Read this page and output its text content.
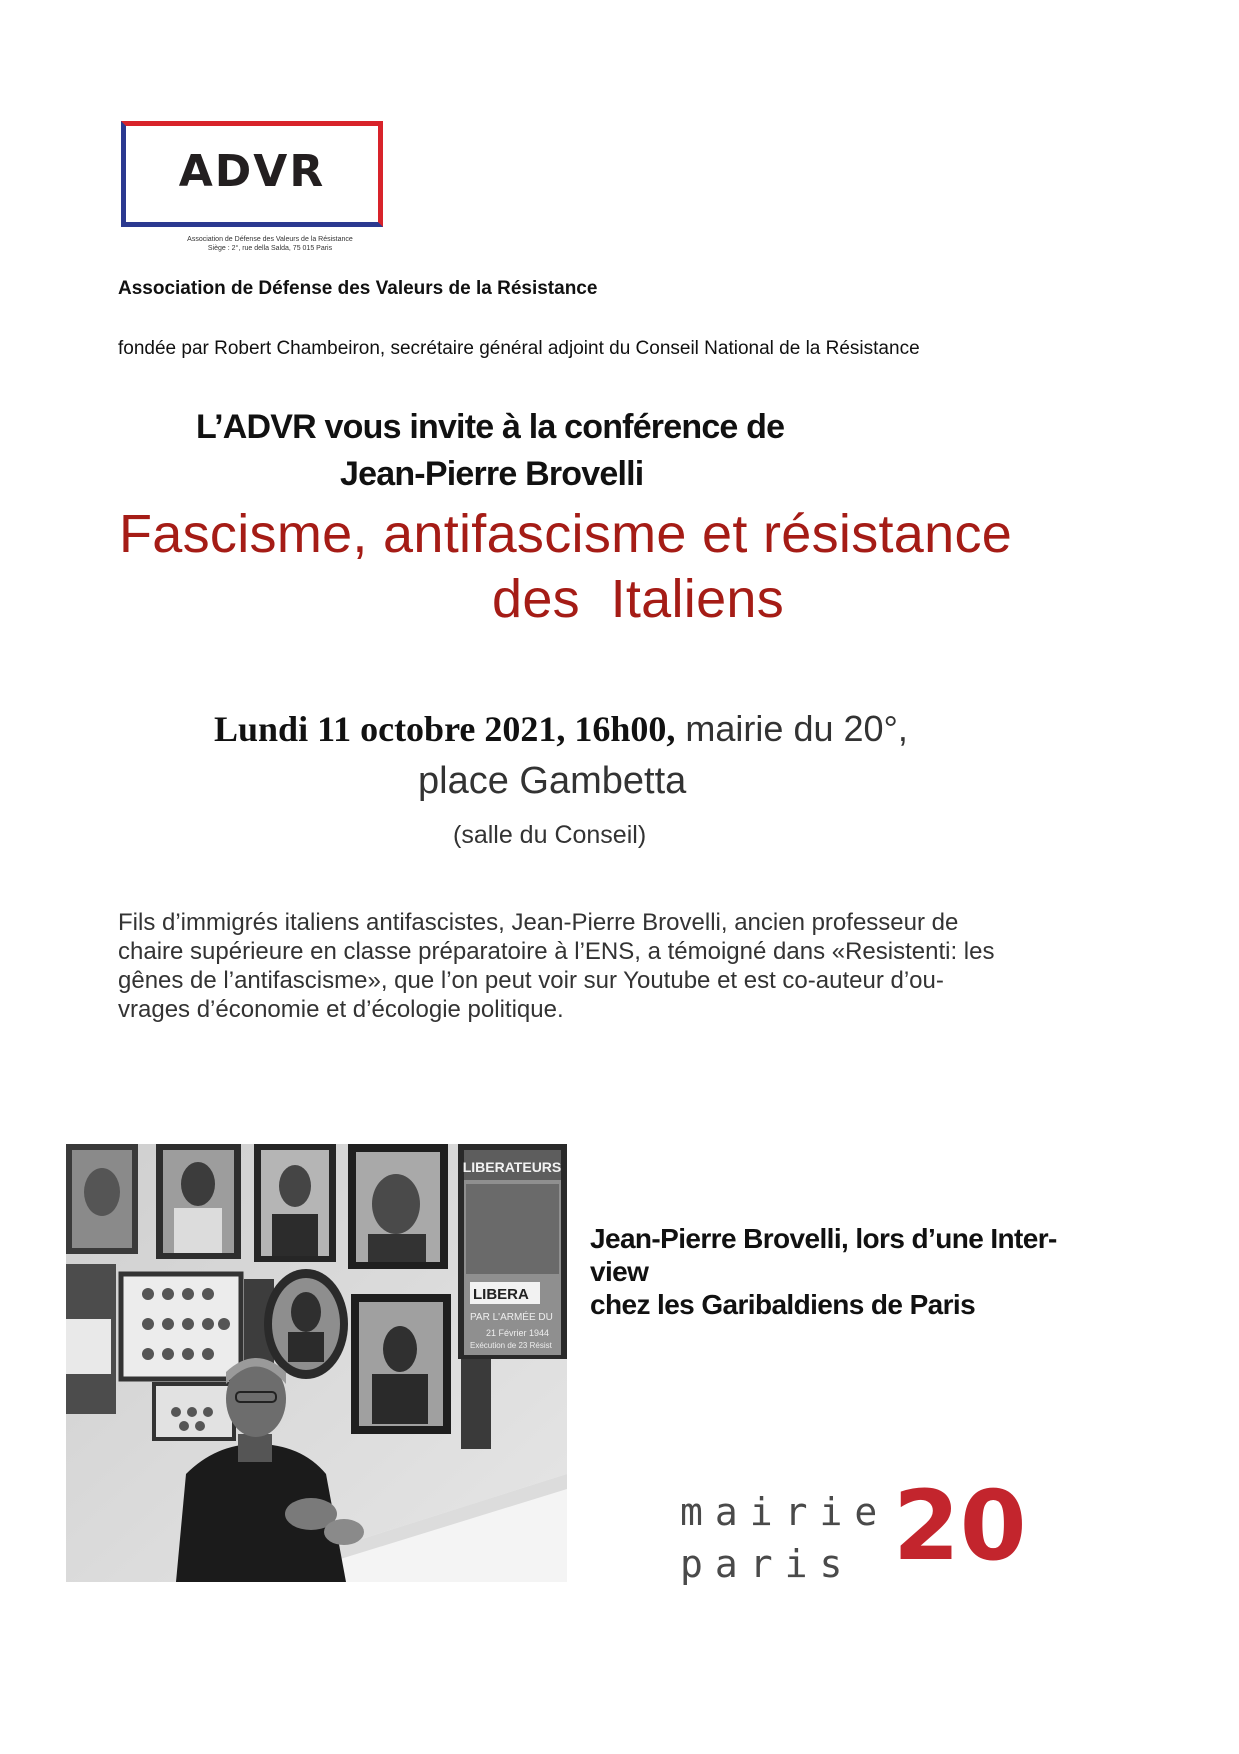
ADVR
Association de Défense des Valeurs de la Résistance
Siège : 2°, rue della Salda, 75 015 Paris
Association de Défense des Valeurs de la Résistance
fondée par Robert Chambeiron, secrétaire général adjoint du Conseil National de la Résistance
L’ADVR vous invite à la conférence de
Jean-Pierre Brovelli
Fascisme, antifascisme et résistance
des  Italiens
Lundi 11 octobre 2021, 16h00, mairie du 20°,
place Gambetta
(salle du Conseil)
Fils d’immigrés italiens antifascistes, Jean-Pierre Brovelli, ancien professeur de
chaire supérieure en classe préparatoire à l’ENS, a témoigné dans «Resistenti: les
gênes de l’antifascisme», que l’on peut voir sur Youtube et est co-auteur d’ou-
vrages d’économie et d’écologie politique.
LIBERATEURS
LIBERA
PAR L'ARMÉE DU
21 Février 1944
Exécution de 23 Résist
Jean-Pierre Brovelli, lors d’une Inter-
view
chez les Garibaldiens de Paris
mairie
paris 20
